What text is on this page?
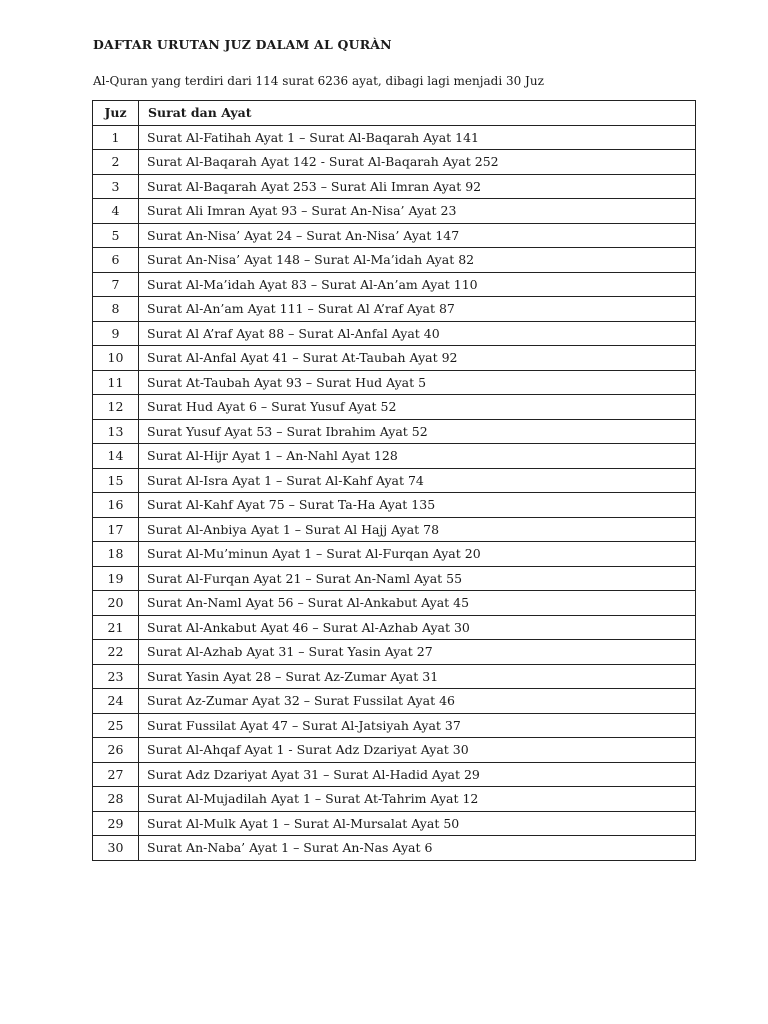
DAFTAR URUTAN JUZ DALAM AL QURÀN
Al-Quran yang terdiri dari 114 surat 6236 ayat, dibagi lagi menjadi 30 Juz
Juz	Surat dan Ayat
1	Surat Al-Fatihah Ayat 1 – Surat Al-Baqarah Ayat 141
2	Surat Al-Baqarah Ayat 142 - Surat Al-Baqarah Ayat 252
3	Surat Al-Baqarah Ayat 253 – Surat Ali Imran Ayat 92
4	Surat Ali Imran Ayat 93 – Surat An-Nisa’ Ayat 23
5	Surat An-Nisa’ Ayat 24 – Surat An-Nisa’ Ayat 147
6	Surat An-Nisa’ Ayat 148 – Surat Al-Ma’idah Ayat 82
7	Surat Al-Ma’idah Ayat 83 – Surat Al-An’am Ayat 110
8	Surat Al-An’am Ayat 111 – Surat Al A’raf Ayat 87
9	Surat Al A’raf Ayat 88 – Surat Al-Anfal Ayat 40
10	Surat Al-Anfal Ayat 41 – Surat At-Taubah Ayat 92
11	Surat At-Taubah Ayat 93 – Surat Hud Ayat 5
12	Surat Hud Ayat 6 – Surat Yusuf Ayat 52
13	Surat Yusuf Ayat 53 – Surat Ibrahim Ayat 52
14	Surat Al-Hijr Ayat 1 – An-Nahl Ayat 128
15	Surat Al-Isra Ayat 1 – Surat Al-Kahf Ayat 74
16	Surat Al-Kahf Ayat 75 – Surat Ta-Ha Ayat 135
17	Surat Al-Anbiya Ayat 1 – Surat Al Hajj Ayat 78
18	Surat Al-Mu’minun Ayat 1 – Surat Al-Furqan Ayat 20
19	Surat Al-Furqan Ayat 21 – Surat An-Naml Ayat 55
20	Surat An-Naml Ayat 56 – Surat Al-Ankabut Ayat 45
21	Surat Al-Ankabut Ayat 46 – Surat Al-Azhab Ayat 30
22	Surat Al-Azhab Ayat 31 – Surat Yasin Ayat 27
23	Surat Yasin Ayat 28 – Surat Az-Zumar Ayat 31
24	Surat Az-Zumar Ayat 32 – Surat Fussilat Ayat 46
25	Surat Fussilat Ayat 47 – Surat Al-Jatsiyah Ayat 37
26	Surat Al-Ahqaf Ayat 1 - Surat Adz Dzariyat Ayat 30
27	Surat Adz Dzariyat Ayat 31 – Surat Al-Hadid Ayat 29
28	Surat Al-Mujadilah Ayat 1 – Surat At-Tahrim Ayat 12
29	Surat Al-Mulk Ayat 1 – Surat Al-Mursalat Ayat 50
30	Surat An-Naba’ Ayat 1 – Surat An-Nas Ayat 6
